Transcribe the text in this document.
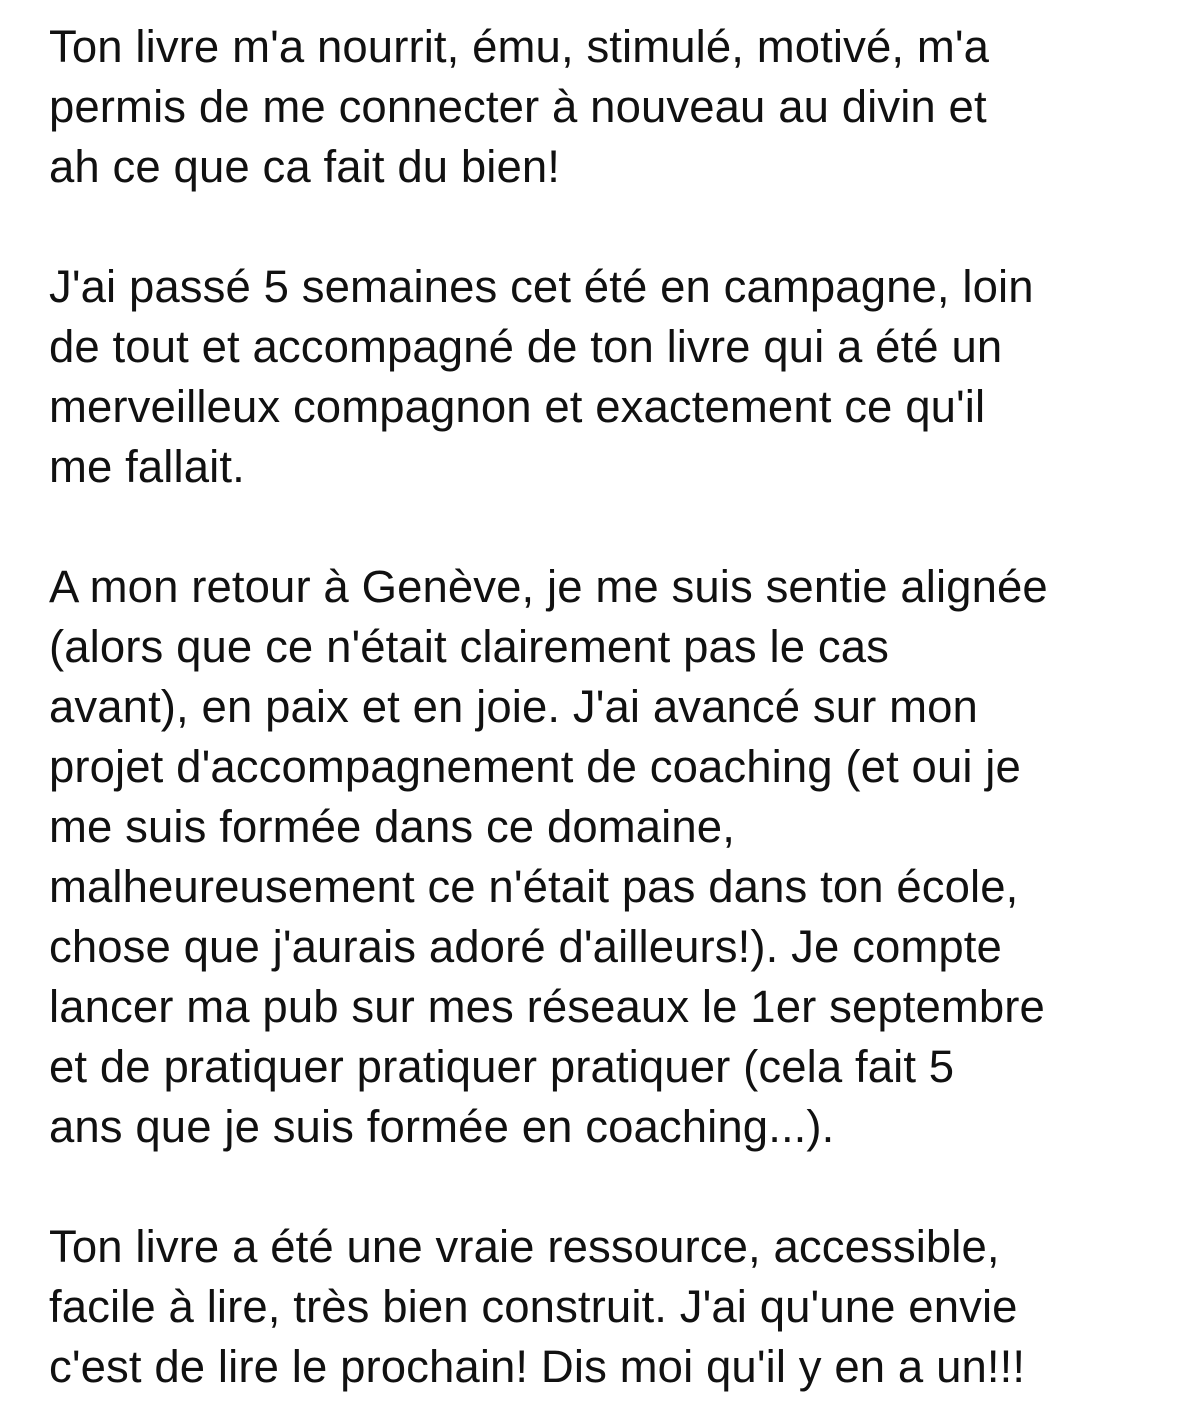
Ton livre m'a nourrit, ému, stimulé, motivé, m'a
permis de me connecter à nouveau au divin et
ah ce que ca fait du bien!
J'ai passé 5 semaines cet été en campagne, loin
de tout et accompagné de ton livre qui a été un
merveilleux compagnon et exactement ce qu'il
me fallait.
A mon retour à Genève, je me suis sentie alignée
(alors que ce n'était clairement pas le cas
avant), en paix et en joie. J'ai avancé sur mon
projet d'accompagnement de coaching (et oui je
me suis formée dans ce domaine,
malheureusement ce n'était pas dans ton école,
chose que j'aurais adoré d'ailleurs!). Je compte
lancer ma pub sur mes réseaux le 1er septembre
et de pratiquer pratiquer pratiquer (cela fait 5
ans que je suis formée en coaching...).
Ton livre a été une vraie ressource, accessible,
facile à lire, très bien construit. J'ai qu'une envie
c'est de lire le prochain! Dis moi qu'il y en a un!!!
